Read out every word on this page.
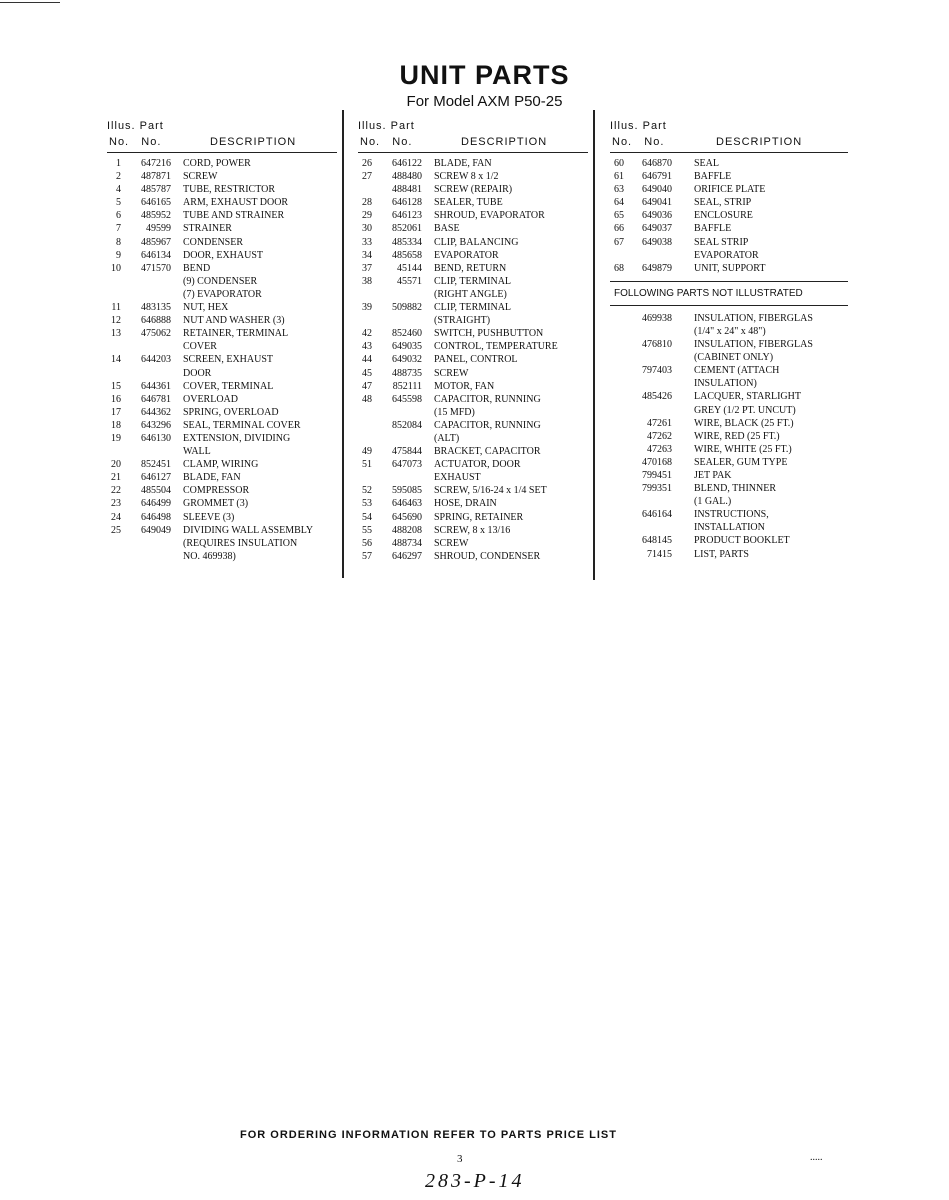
UNIT PARTS
For Model AXM P50-25
Illus. Part
No.   No.	DESCRIPTION
1	647216 CORD, POWER
2	487871 SCREW
4	485787 TUBE, RESTRICTOR
5	646165 ARM, EXHAUST DOOR
6	485952 TUBE AND STRAINER
7	49599 STRAINER
8	485967 CONDENSER
9	646134 DOOR, EXHAUST
10	471570 BEND
(9) CONDENSER
(7) EVAPORATOR
11	483135 NUT, HEX
12	646888 NUT AND WASHER (3)
13	475062 RETAINER, TERMINAL
COVER
14	644203 SCREEN, EXHAUST
DOOR
15	644361 COVER, TERMINAL
16	646781 OVERLOAD
17	644362 SPRING, OVERLOAD
18	643296 SEAL, TERMINAL COVER
19	646130 EXTENSION, DIVIDING
WALL
20	852451 CLAMP, WIRING
21	646127 BLADE, FAN
22	485504 COMPRESSOR
23	646499 GROMMET (3)
24	646498 SLEEVE (3)
25	649049 DIVIDING WALL ASSEMBLY
(REQUIRES INSULATION
NO. 469938)
Illus. Part
No.   No.	DESCRIPTION
26	646122 BLADE, FAN
27	488480 SCREW 8 x 1/2
488481 SCREW (REPAIR)
28	646128 SEALER, TUBE
29	646123 SHROUD, EVAPORATOR
30	852061 BASE
33	485334 CLIP, BALANCING
34	485658 EVAPORATOR
37	45144 BEND, RETURN
38	45571 CLIP, TERMINAL
(RIGHT ANGLE)
39	509882 CLIP, TERMINAL
(STRAIGHT)
42	852460 SWITCH, PUSHBUTTON
43	649035 CONTROL, TEMPERATURE
44	649032 PANEL, CONTROL
45	488735 SCREW
47	852111 MOTOR, FAN
48	645598 CAPACITOR, RUNNING
(15 MFD)
852084 CAPACITOR, RUNNING
(ALT)
49	475844 BRACKET, CAPACITOR
51	647073 ACTUATOR, DOOR
EXHAUST
52	595085 SCREW, 5/16-24 x 1/4 SET
53	646463 HOSE, DRAIN
54	645690 SPRING, RETAINER
55	488208 SCREW, 8 x 13/16
56	488734 SCREW
57	646297 SHROUD, CONDENSER
Illus. Part
No.   No.	DESCRIPTION
60	646870 SEAL
61	646791 BAFFLE
63	649040 ORIFICE PLATE
64	649041 SEAL, STRIP
65	649036 ENCLOSURE
66	649037 BAFFLE
67	649038 SEAL STRIP
EVAPORATOR
68	649879 UNIT, SUPPORT
FOLLOWING PARTS NOT ILLUSTRATED
469938 INSULATION, FIBERGLAS
(1/4" x 24" x 48")
476810 INSULATION, FIBERGLAS
(CABINET ONLY)
797403 CEMENT (ATTACH
INSULATION)
485426 LACQUER, STARLIGHT
GREY (1/2 PT. UNCUT)
47261 WIRE, BLACK (25 FT.)
47262 WIRE, RED (25 FT.)
47263 WIRE, WHITE (25 FT.)
470168 SEALER, GUM TYPE
799451 JET PAK
799351 BLEND, THINNER
(1 GAL.)
646164 INSTRUCTIONS,
INSTALLATION
648145 PRODUCT BOOKLET
71415 LIST, PARTS
FOR ORDERING INFORMATION REFER TO PARTS PRICE LIST
3
283-P-14
.....
